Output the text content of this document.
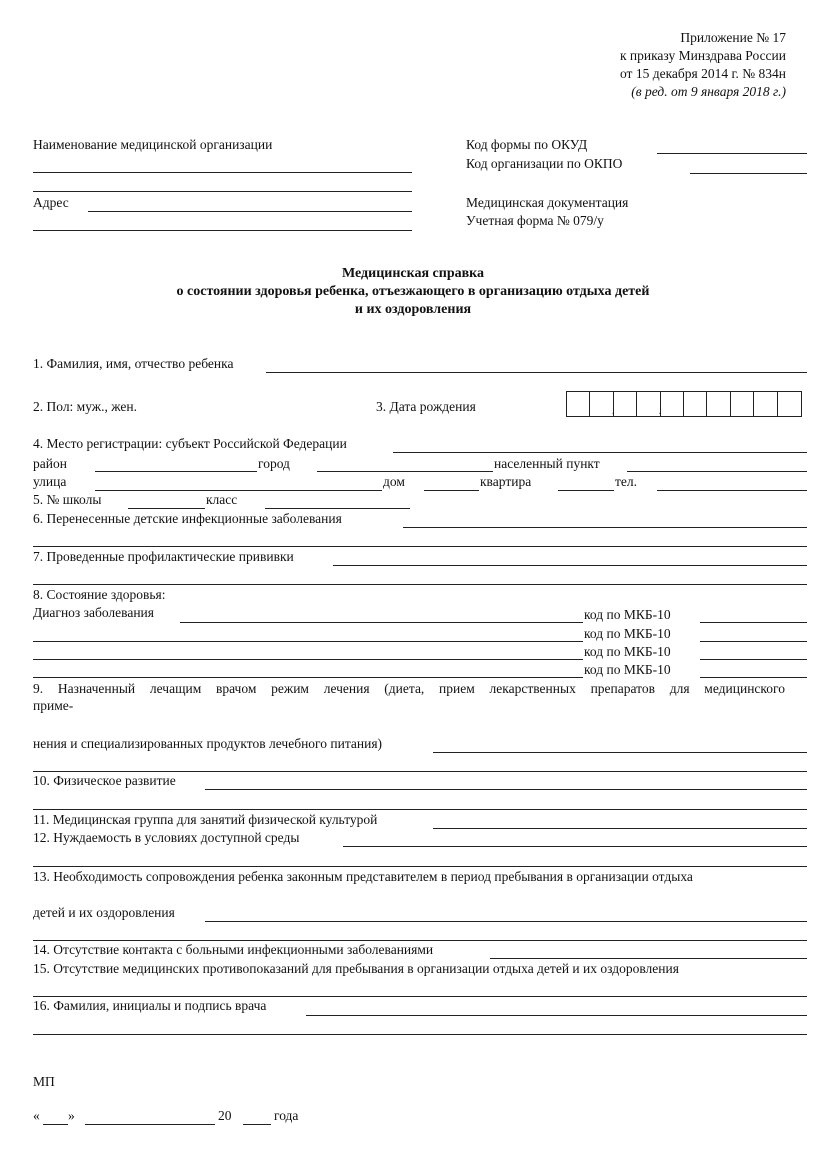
Приложение № 17
к приказу Минздрава России
от 15 декабря 2014 г. № 834н
(в ред. от 9 января 2018 г.)
Наименование медицинской организации
Адрес
Код формы по ОКУД
Код организации по ОКПО
Медицинская документация
Учетная форма № 079/у
Медицинская справка
о состоянии здоровья ребенка, отъезжающего в организацию отдыха детей
и их оздоровления
1. Фамилия, имя, отчество ребенка
2. Пол: муж., жен.	3. Дата рождения	.	.
4. Место регистрации: субъект Российской Федерации
район	город	населенный пункт
улица	дом	квартира	тел.
5. № школы	класс
6. Перенесенные детские инфекционные заболевания
7. Проведенные профилактические прививки
8. Состояние здоровья:
Диагноз заболевания	код по МКБ-10
код по МКБ-10
код по МКБ-10
код по МКБ-10
9. Назначенный лечащим врачом режим лечения (диета, прием лекарственных препаратов для медицинского
приме-
нения и специализированных продуктов лечебного питания)
10. Физическое развитие
11. Медицинская группа для занятий физической культурой
12. Нуждаемость в условиях доступной среды
13. Необходимость сопровождения ребенка законным представителем в период пребывания в организации отдыха
детей и их оздоровления
14. Отсутствие контакта с больными инфекционными заболеваниями
15. Отсутствие медицинских противопоказаний для пребывания в организации отдыха детей и их оздоровления
16. Фамилия, инициалы и подпись врача
МП
« »	20	года
